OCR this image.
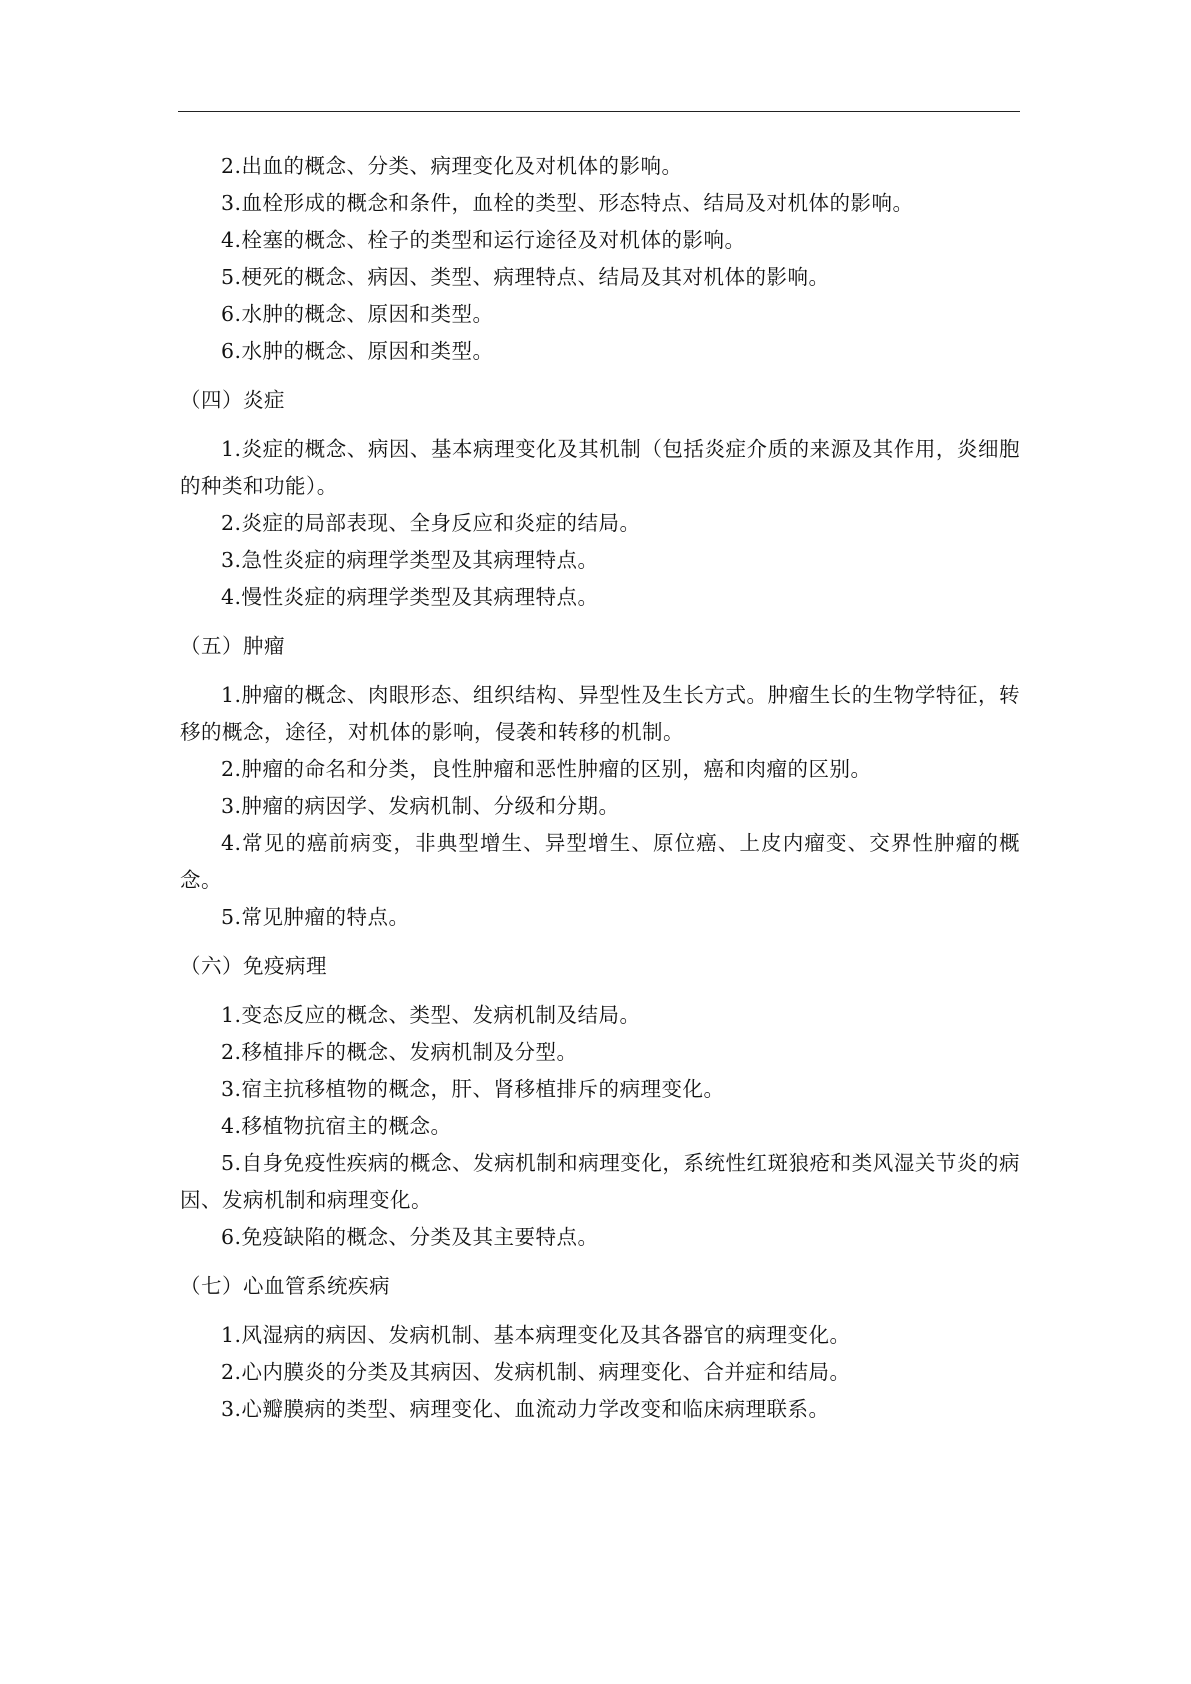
2.出血的概念、分类、病理变化及对机体的影响。

3.血栓形成的概念和条件，血栓的类型、形态特点、结局及对机体的影响。

4.栓塞的概念、栓子的类型和运行途径及对机体的影响。

5.梗死的概念、病因、类型、病理特点、结局及其对机体的影响。

6.水肿的概念、原因和类型。

6.水肿的概念、原因和类型。

（四）炎症

1.炎症的概念、病因、基本病理变化及其机制（包括炎症介质的来源及其作用，炎细胞的种类和功能）。

2.炎症的局部表现、全身反应和炎症的结局。

3.急性炎症的病理学类型及其病理特点。

4.慢性炎症的病理学类型及其病理特点。

（五）肿瘤

1.肿瘤的概念、肉眼形态、组织结构、异型性及生长方式。肿瘤生长的生物学特征，转移的概念，途径，对机体的影响，侵袭和转移的机制。

2.肿瘤的命名和分类，良性肿瘤和恶性肿瘤的区别，癌和肉瘤的区别。

3.肿瘤的病因学、发病机制、分级和分期。

4.常见的癌前病变，非典型增生、异型增生、原位癌、上皮内瘤变、交界性肿瘤的概念。

5.常见肿瘤的特点。

（六）免疫病理

1.变态反应的概念、类型、发病机制及结局。

2.移植排斥的概念、发病机制及分型。

3.宿主抗移植物的概念，肝、肾移植排斥的病理变化。

4.移植物抗宿主的概念。

5.自身免疫性疾病的概念、发病机制和病理变化，系统性红斑狼疮和类风湿关节炎的病因、发病机制和病理变化。

6.免疫缺陷的概念、分类及其主要特点。

（七）心血管系统疾病

1.风湿病的病因、发病机制、基本病理变化及其各器官的病理变化。

2.心内膜炎的分类及其病因、发病机制、病理变化、合并症和结局。

3.心瓣膜病的类型、病理变化、血流动力学改变和临床病理联系。
